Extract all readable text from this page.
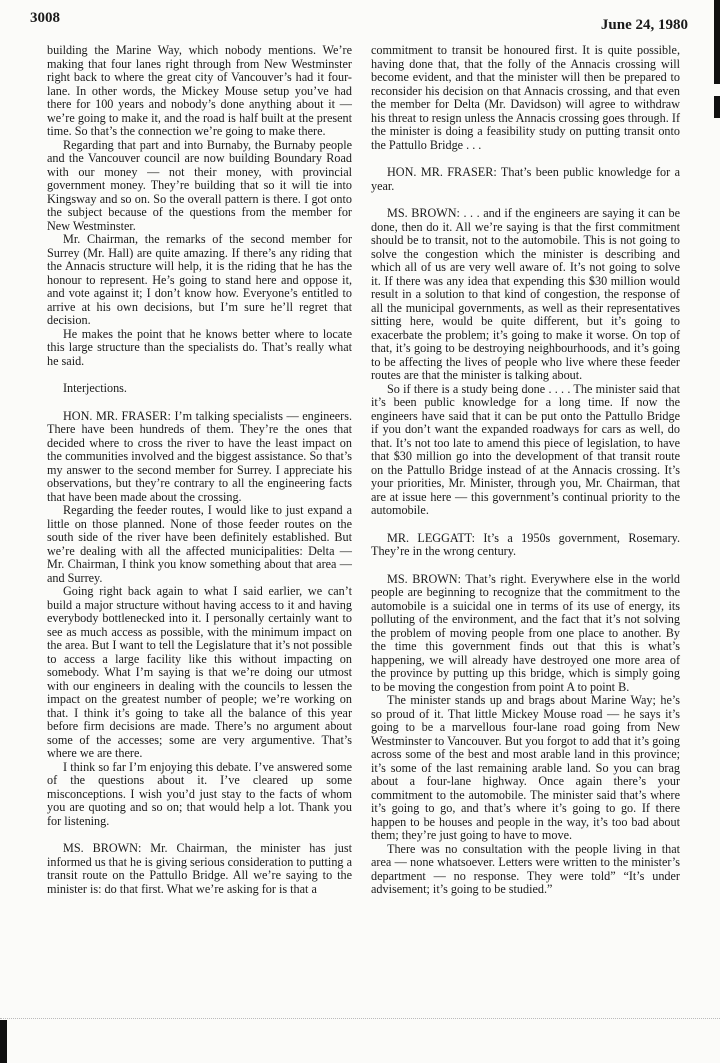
3008	June 24, 1980

building the Marine Way, which nobody mentions. We’re making that four lanes right through from New Westminster right back to where the great city of Vancouver’s had it four-lane. In other words, the Mickey Mouse setup you’ve had there for 100 years and nobody’s done anything about it — we’re going to make it, and the road is half built at the present time. So that’s the connection we’re going to make there.

Regarding that part and into Burnaby, the Burnaby people and the Vancouver council are now building Boundary Road with our money — not their money, with provincial government money. They’re building that so it will tie into Kingsway and so on. So the overall pattern is there. I got onto the subject because of the questions from the member for New Westminster.

Mr. Chairman, the remarks of the second member for Surrey (Mr. Hall) are quite amazing. If there’s any riding that the Annacis structure will help, it is the riding that he has the honour to represent. He’s going to stand here and oppose it, and vote against it; I don’t know how. Everyone’s entitled to arrive at his own decisions, but I’m sure he’ll regret that decision.

He makes the point that he knows better where to locate this large structure than the specialists do. That’s really what he said.

Interjections.

HON. MR. FRASER: I’m talking specialists — engineers. There have been hundreds of them. They’re the ones that decided where to cross the river to have the least impact on the communities involved and the biggest assistance. So that’s my answer to the second member for Surrey. I appreciate his observations, but they’re contrary to all the engineering facts that have been made about the crossing.

Regarding the feeder routes, I would like to just expand a little on those planned. None of those feeder routes on the south side of the river have been definitely established. But we’re dealing with all the affected municipalities: Delta — Mr. Chairman, I think you know something about that area — and Surrey.

Going right back again to what I said earlier, we can’t build a major structure without having access to it and having everybody bottlenecked into it. I personally certainly want to see as much access as possible, with the minimum impact on the area. But I want to tell the Legislature that it’s not possible to access a large facility like this without impacting on somebody. What I’m saying is that we’re doing our utmost with our engineers in dealing with the councils to lessen the impact on the greatest number of people; we’re working on that. I think it’s going to take all the balance of this year before firm decisions are made. There’s no argument about some of the accesses; some are very argumentive. That’s where we are there.

I think so far I’m enjoying this debate. I’ve answered some of the questions about it. I’ve cleared up some misconceptions. I wish you’d just stay to the facts of whom you are quoting and so on; that would help a lot. Thank you for listening.

MS. BROWN: Mr. Chairman, the minister has just informed us that he is giving serious consideration to putting a transit route on the Pattullo Bridge. All we’re saying to the minister is: do that first. What we’re asking for is that a

commitment to transit be honoured first. It is quite possible, having done that, that the folly of the Annacis crossing will become evident, and that the minister will then be prepared to reconsider his decision on that Annacis crossing, and that even the member for Delta (Mr. Davidson) will agree to withdraw his threat to resign unless the Annacis crossing goes through. If the minister is doing a feasibility study on putting transit onto the Pattullo Bridge . . .

HON. MR. FRASER: That’s been public knowledge for a year.

MS. BROWN: . . . and if the engineers are saying it can be done, then do it. All we’re saying is that the first commitment should be to transit, not to the automobile. This is not going to solve the congestion which the minister is describing and which all of us are very well aware of. It’s not going to solve it. If there was any idea that expending this $30 million would result in a solution to that kind of congestion, the response of all the municipal governments, as well as their representatives sitting here, would be quite different, but it’s going to exacerbate the problem; it’s going to make it worse. On top of that, it’s going to be destroying neighbourhoods, and it’s going to be affecting the lives of people who live where these feeder routes are that the minister is talking about.

So if there is a study being done . . . . The minister said that it’s been public knowledge for a long time. If now the engineers have said that it can be put onto the Pattullo Bridge if you don’t want the expanded roadways for cars as well, do that. It’s not too late to amend this piece of legislation, to have that $30 million go into the development of that transit route on the Pattullo Bridge instead of at the Annacis crossing. It’s your priorities, Mr. Minister, through you, Mr. Chairman, that are at issue here — this government’s continual priority to the automobile.

MR. LEGGATT: It’s a 1950s government, Rosemary. They’re in the wrong century.

MS. BROWN: That’s right. Everywhere else in the world people are beginning to recognize that the commitment to the automobile is a suicidal one in terms of its use of energy, its polluting of the environment, and the fact that it’s not solving the problem of moving people from one place to another. By the time this government finds out that this is what’s happening, we will already have destroyed one more area of the province by putting up this bridge, which is simply going to be moving the congestion from point A to point B.

The minister stands up and brags about Marine Way; he’s so proud of it. That little Mickey Mouse road — he says it’s going to be a marvellous four-lane road going from New Westminster to Vancouver. But you forgot to add that it’s going across some of the best and most arable land in this province; it’s some of the last remaining arable land. So you can brag about a four-lane highway. Once again there’s your commitment to the automobile. The minister said that’s where it’s going to go, and that’s where it’s going to go. If there happen to be houses and people in the way, it’s too bad about them; they’re just going to have to move.

There was no consultation with the people living in that area — none whatsoever. Letters were written to the minister’s department — no response. They were told” “It’s under advisement; it’s going to be studied.”
